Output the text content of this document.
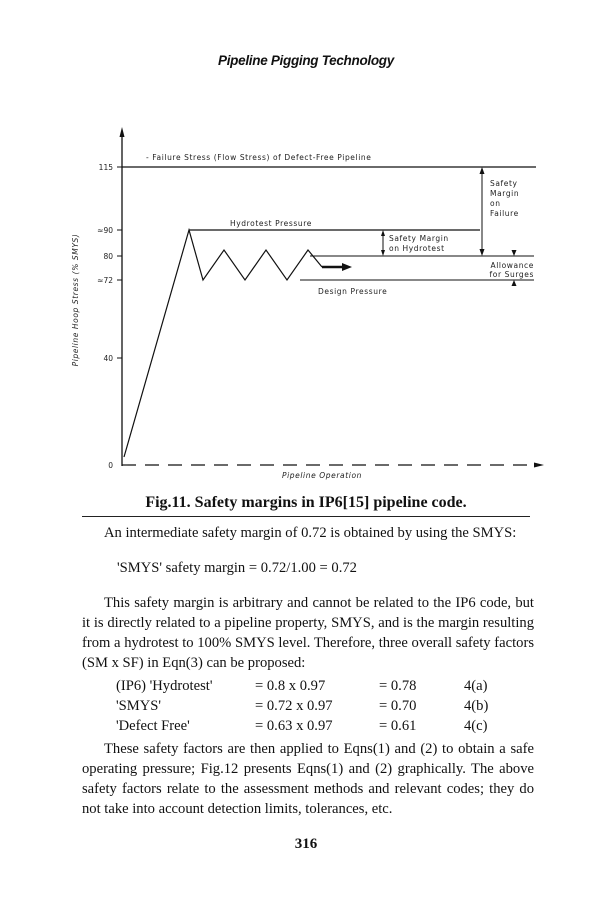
Pipeline Pigging Technology
115
≈90
80
≈72
40
0
Pipeline Hoop Stress (% SMYS)
Pipeline Operation
- Failure Stress (Flow Stress) of Defect-Free Pipeline
Hydrotest Pressure
Design Pressure
Safety Margin
on Hydrotest
Safety
Margin
on
Failure
Allowance
for Surges
Fig.11. Safety margins in IP6[15] pipeline code.
An intermediate safety margin of 0.72 is obtained by using the SMYS:
'SMYS' safety margin = 0.72/1.00 = 0.72
This safety margin is arbitrary and cannot be related to the IP6 code, but it is directly related to a pipeline property, SMYS, and is the margin resulting from a hydrotest to 100% SMYS level. Therefore, three overall safety factors (SM x SF) in Eqn(3) can be proposed:
(IP6) 'Hydrotest'	= 0.8 x 0.97	= 0.78	4(a)
'SMYS'	= 0.72 x 0.97	= 0.70	4(b)
'Defect Free'	= 0.63 x 0.97	= 0.61	4(c)
These safety factors are then applied to Eqns(1) and (2) to obtain a safe operating pressure; Fig.12 presents Eqns(1) and (2) graphically. The above safety factors relate to the assessment methods and relevant codes; they do not take into account detection limits, tolerances, etc.
316
